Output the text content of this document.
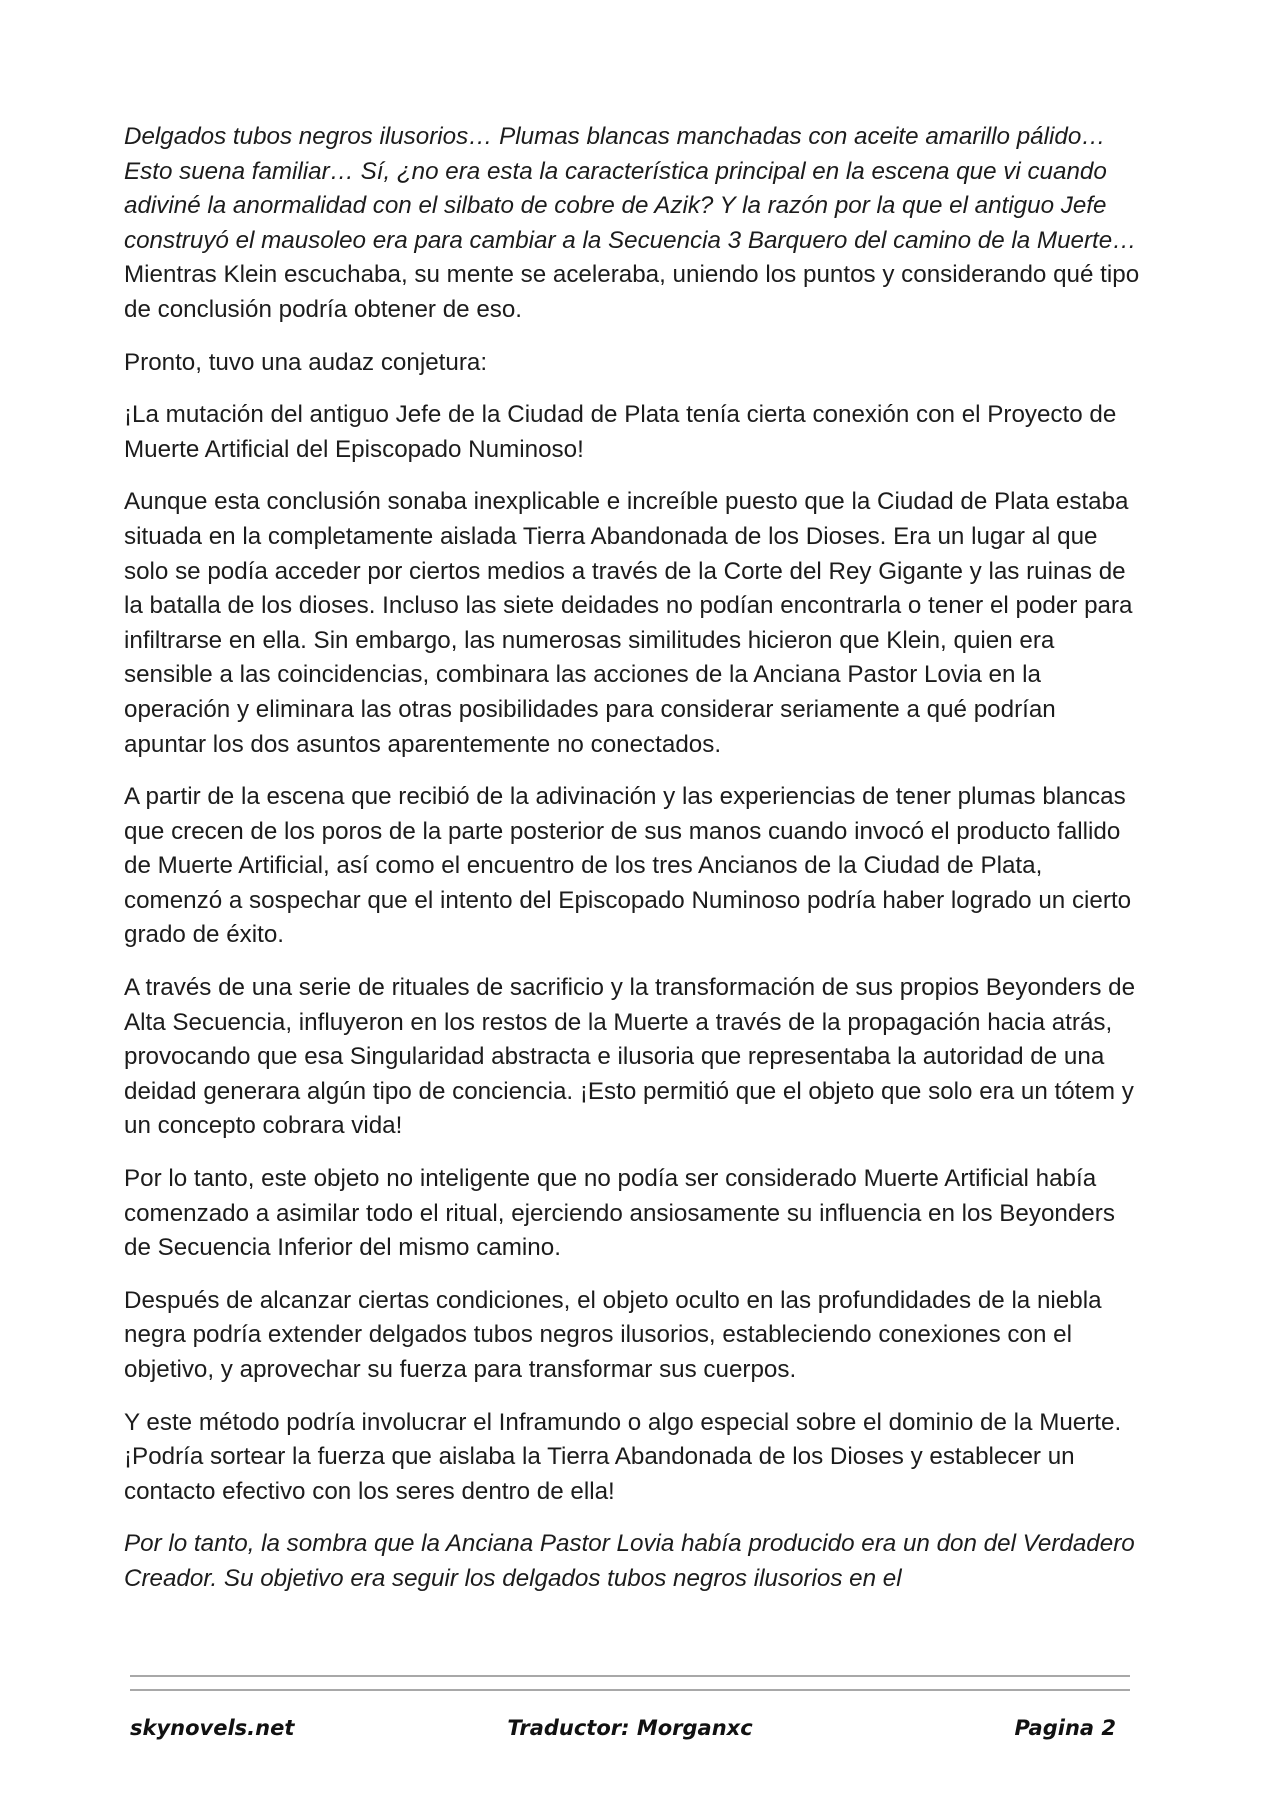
Delgados tubos negros ilusorios… Plumas blancas manchadas con aceite amarillo pálido… Esto suena familiar… Sí, ¿no era esta la característica principal en la escena que vi cuando adiviné la anormalidad con el silbato de cobre de Azik? Y la razón por la que el antiguo Jefe construyó el mausoleo era para cambiar a la Secuencia 3 Barquero del camino de la Muerte… Mientras Klein escuchaba, su mente se aceleraba, uniendo los puntos y considerando qué tipo de conclusión podría obtener de eso.

Pronto, tuvo una audaz conjetura:

¡La mutación del antiguo Jefe de la Ciudad de Plata tenía cierta conexión con el Proyecto de Muerte Artificial del Episcopado Numinoso!

Aunque esta conclusión sonaba inexplicable e increíble puesto que la Ciudad de Plata estaba situada en la completamente aislada Tierra Abandonada de los Dioses. Era un lugar al que solo se podía acceder por ciertos medios a través de la Corte del Rey Gigante y las ruinas de la batalla de los dioses. Incluso las siete deidades no podían encontrarla o tener el poder para infiltrarse en ella. Sin embargo, las numerosas similitudes hicieron que Klein, quien era sensible a las coincidencias, combinara las acciones de la Anciana Pastor Lovia en la operación y eliminara las otras posibilidades para considerar seriamente a qué podrían apuntar los dos asuntos aparentemente no conectados.

A partir de la escena que recibió de la adivinación y las experiencias de tener plumas blancas que crecen de los poros de la parte posterior de sus manos cuando invocó el producto fallido de Muerte Artificial, así como el encuentro de los tres Ancianos de la Ciudad de Plata, comenzó a sospechar que el intento del Episcopado Numinoso podría haber logrado un cierto grado de éxito.

A través de una serie de rituales de sacrificio y la transformación de sus propios Beyonders de Alta Secuencia, influyeron en los restos de la Muerte a través de la propagación hacia atrás, provocando que esa Singularidad abstracta e ilusoria que representaba la autoridad de una deidad generara algún tipo de conciencia. ¡Esto permitió que el objeto que solo era un tótem y un concepto cobrara vida!

Por lo tanto, este objeto no inteligente que no podía ser considerado Muerte Artificial había comenzado a asimilar todo el ritual, ejerciendo ansiosamente su influencia en los Beyonders de Secuencia Inferior del mismo camino.

Después de alcanzar ciertas condiciones, el objeto oculto en las profundidades de la niebla negra podría extender delgados tubos negros ilusorios, estableciendo conexiones con el objetivo, y aprovechar su fuerza para transformar sus cuerpos.

Y este método podría involucrar el Inframundo o algo especial sobre el dominio de la Muerte. ¡Podría sortear la fuerza que aislaba la Tierra Abandonada de los Dioses y establecer un contacto efectivo con los seres dentro de ella!

Por lo tanto, la sombra que la Anciana Pastor Lovia había producido era un don del Verdadero Creador. Su objetivo era seguir los delgados tubos negros ilusorios en el

skynovels.net	Traductor: Morganxc	Pagina 2
